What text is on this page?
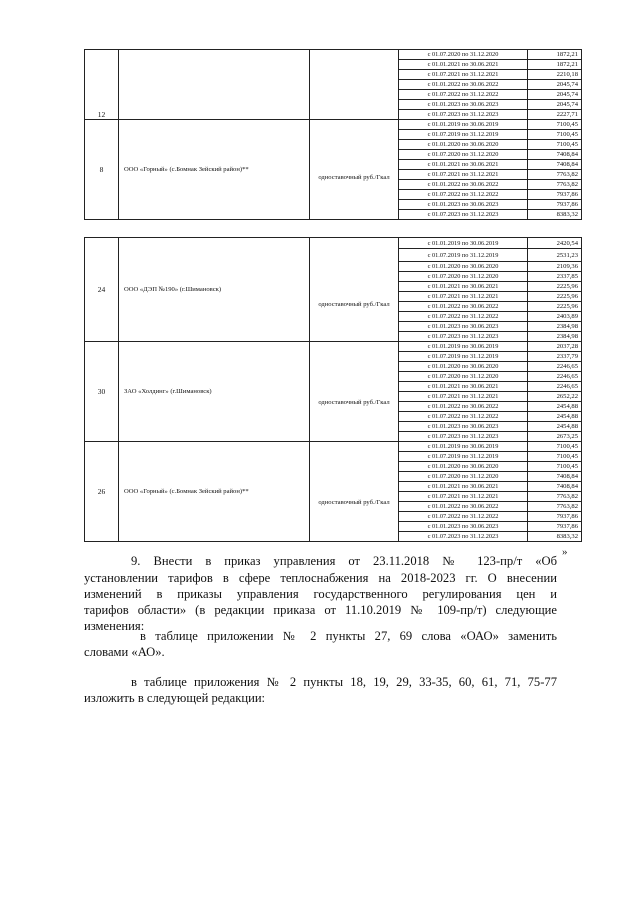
12			с 01.07.2020 по 31.12.2020	1872,21
			с 01.01.2021 по 30.06.2021	1872,21
			с 01.07.2021 по 31.12.2021	2210,18
			с 01.01.2022 по 30.06.2022	2045,74
			с 01.07.2022 по 31.12.2022	2045,74
			с 01.01.2023 по 30.06.2023	2045,74
			с 01.07.2023 по 31.12.2023	2227,71
8	ООО «Горный» (с.Бомнак Зейский район)**	одноставочный руб./Гкал	с 01.01.2019 по 30.06.2019	7100,45
			с 01.07.2019 по 31.12.2019	7100,45
			с 01.01.2020 по 30.06.2020	7100,45
			с 01.07.2020 по 31.12.2020	7408,84
			с 01.01.2021 по 30.06.2021	7408,84
			с 01.07.2021 по 31.12.2021	7763,82
			с 01.01.2022 по 30.06.2022	7763,82
			с 01.07.2022 по 31.12.2022	7937,86
			с 01.01.2023 по 30.06.2023	7937,86
			с 01.07.2023 по 31.12.2023	8383,32
24	ООО «ДЭП №190» (г.Шимановск)	одноставочный руб./Гкал	с 01.01.2019 по 30.06.2019	2420,54
			с 01.07.2019 по 31.12.2019	2531,23
			с 01.01.2020 по 30.06.2020	2109,36
			с 01.07.2020 по 31.12.2020	2337,85
			с 01.01.2021 по 30.06.2021	2225,96
			с 01.07.2021 по 31.12.2021	2225,96
			с 01.01.2022 по 30.06.2022	2225,96
			с 01.07.2022 по 31.12.2022	2403,89
			с 01.01.2023 по 30.06.2023	2384,98
			с 01.07.2023 по 31.12.2023	2384,98
30	ЗАО «Холдинг» (г.Шимановск)	одноставочный руб./Гкал	с 01.01.2019 по 30.06.2019	2037,28
			с 01.07.2019 по 31.12.2019	2337,79
			с 01.01.2020 по 30.06.2020	2246,65
			с 01.07.2020 по 31.12.2020	2246,65
			с 01.01.2021 по 30.06.2021	2246,65
			с 01.07.2021 по 31.12.2021	2652,22
			с 01.01.2022 по 30.06.2022	2454,88
			с 01.07.2022 по 31.12.2022	2454,88
			с 01.01.2023 по 30.06.2023	2454,88
			с 01.07.2023 по 31.12.2023	2673,25
26	ООО «Горный» (с.Бомнак Зейский район)**	одноставочный руб./Гкал	с 01.01.2019 по 30.06.2019	7100,45
			с 01.07.2019 по 31.12.2019	7100,45
			с 01.01.2020 по 30.06.2020	7100,45
			с 01.07.2020 по 31.12.2020	7408,84
			с 01.01.2021 по 30.06.2021	7408,84
			с 01.07.2021 по 31.12.2021	7763,82
			с 01.01.2022 по 30.06.2022	7763,82
			с 01.07.2022 по 31.12.2022	7937,86
			с 01.01.2023 по 30.06.2023	7937,86
			с 01.07.2023 по 31.12.2023	8383,32
»
9. Внести в приказ управления от 23.11.2018 № 123-пр/т «Об
установлении тарифов в сфере теплоснабжения на 2018-2023 гг. О внесении
изменений в приказы управления государственного регулирования цен и
тарифов области» (в редакции приказа от 11.10.2019 № 109-пр/т) следующие
изменения:
в таблице приложении № 2 пункты 27, 69 слова «ОАО» заменить
словами «АО».
в таблице приложения № 2 пункты 18, 19, 29, 33-35, 60, 61, 71, 75-77
изложить в следующей редакции:
